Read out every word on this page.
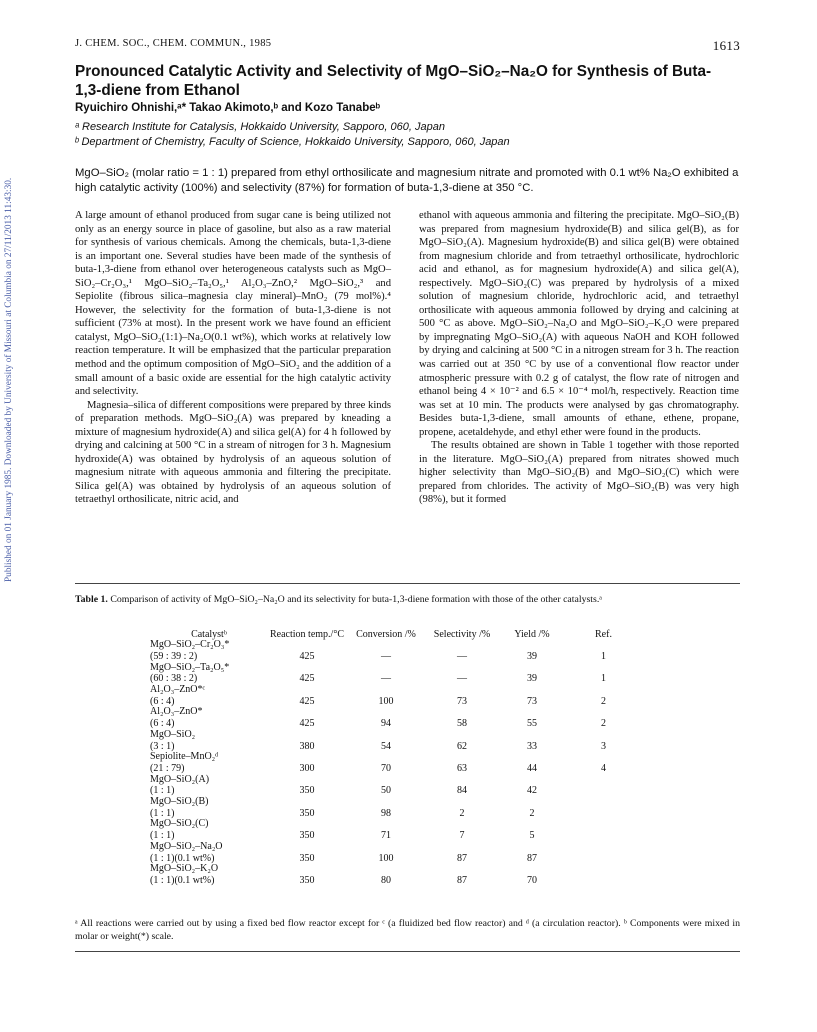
J. CHEM. SOC., CHEM. COMMUN., 1985	1613
Published on 01 January 1985. Downloaded by University of Missouri at Columbia on 27/11/2013 11:43:30.
Pronounced Catalytic Activity and Selectivity of MgO–SiO₂–Na₂O for Synthesis of Buta-1,3-diene from Ethanol
Ryuichiro Ohnishi,ᵃ* Takao Akimoto,ᵇ and Kozo Tanabeᵇ
ᵃ Research Institute for Catalysis, Hokkaido University, Sapporo, 060, Japan
ᵇ Department of Chemistry, Faculty of Science, Hokkaido University, Sapporo, 060, Japan
MgO–SiO₂ (molar ratio = 1 : 1) prepared from ethyl orthosilicate and magnesium nitrate and promoted with 0.1 wt% Na₂O exhibited a high catalytic activity (100%) and selectivity (87%) for formation of buta-1,3-diene at 350 °C.

A large amount of ethanol produced from sugar cane is being utilized not only as an energy source in place of gasoline, but also as a raw material for synthesis of various chemicals. Among the chemicals, buta-1,3-diene is an important one. Several studies have been made of the synthesis of buta-1,3-diene from ethanol over heterogeneous catalysts such as MgO–SiO₂–Cr₂O₃,¹ MgO–SiO₂–Ta₂O₅,¹ Al₂O₃–ZnO,² MgO–SiO₂,³ and Sepiolite (fibrous silica–magnesia clay mineral)–MnO₂ (79 mol%).⁴ However, the selectivity for the formation of buta-1,3-diene is not sufficient (73% at most). In the present work we have found an efficient catalyst, MgO–SiO₂(1:1)–Na₂O(0.1 wt%), which works at relatively low reaction temperature. It will be emphasized that the particular preparation method and the optimum composition of MgO–SiO₂ and the addition of a small amount of a basic oxide are essential for the high catalytic activity and selectivity.

Magnesia–silica of different compositions were prepared by three kinds of preparation methods. MgO–SiO₂(A) was prepared by kneading a mixture of magnesium hydroxide(A) and silica gel(A) for 4 h followed by drying and calcining at 500 °C in a stream of nitrogen for 3 h. Magnesium hydroxide(A) was obtained by hydrolysis of an aqueous solution of magnesium nitrate with aqueous ammonia and filtering the precipitate. Silica gel(A) was obtained by hydrolysis of an aqueous solution of tetraethyl orthosilicate, nitric acid, and

ethanol with aqueous ammonia and filtering the precipitate. MgO–SiO₂(B) was prepared from magnesium hydroxide(B) and silica gel(B), as for MgO–SiO₂(A). Magnesium hydroxide(B) and silica gel(B) were obtained from magnesium chloride and from tetraethyl orthosilicate, hydrochloric acid and ethanol, as for magnesium hydroxide(A) and silica gel(A), respectively. MgO–SiO₂(C) was prepared by hydrolysis of a mixed solution of magnesium chloride, hydrochloric acid, and tetraethyl orthosilicate with aqueous ammonia followed by drying and calcining at 500 °C as above. MgO–SiO₂–Na₂O and MgO–SiO₂–K₂O were prepared by impregnating MgO–SiO₂(A) with aqueous NaOH and KOH followed by drying and calcining at 500 °C in a nitrogen stream for 3 h. The reaction was carried out at 350 °C by use of a conventional flow reactor under atmospheric pressure with 0.2 g of catalyst, the flow rate of nitrogen and ethanol being 4 × 10⁻² and 6.5 × 10⁻⁴ mol/h, respectively. Reaction time was set at 10 min. The products were analysed by gas chromatography. Besides buta-1,3-diene, small amounts of ethane, ethene, propane, propene, acetaldehyde, and ethyl ether were found in the products.

The results obtained are shown in Table 1 together with those reported in the literature. MgO–SiO₂(A) prepared from nitrates showed much higher selectivity than MgO–SiO₂(B) and MgO–SiO₂(C) which were prepared from chlorides. The activity of MgO–SiO₂(B) was very high (98%), but it formed

Table 1. Comparison of activity of MgO–SiO₂–Na₂O and its selectivity for buta-1,3-diene formation with those of the other catalysts.ᵃ
Catalystᵇ	Reaction temp./°C	Conversion /%	Selectivity /%	Yield /%	Ref.
MgO–SiO₂–Cr₂O₃*					
(59 : 39 : 2)	425	—	—	39	1
MgO–SiO₂–Ta₂O₅*					
(60 : 38 : 2)	425	—	—	39	1
Al₂O₃–ZnO*ᶜ					
(6 : 4)	425	100	73	73	2
Al₂O₃–ZnO*					
(6 : 4)	425	94	58	55	2
MgO–SiO₂					
(3 : 1)	380	54	62	33	3
Sepiolite–MnO₂ᵈ					
(21 : 79)	300	70	63	44	4
MgO–SiO₂(A)					
(1 : 1)	350	50	84	42	
MgO–SiO₂(B)					
(1 : 1)	350	98	2	2	
MgO–SiO₂(C)					
(1 : 1)	350	71	7	5	
MgO–SiO₂–Na₂O					
(1 : 1)(0.1 wt%)	350	100	87	87	
MgO–SiO₂–K₂O					
(1 : 1)(0.1 wt%)	350	80	87	70	
ᵃ All reactions were carried out by using a fixed bed flow reactor except for ᶜ (a fluidized bed flow reactor) and ᵈ (a circulation reactor). ᵇ Components were mixed in molar or weight(*) scale.
